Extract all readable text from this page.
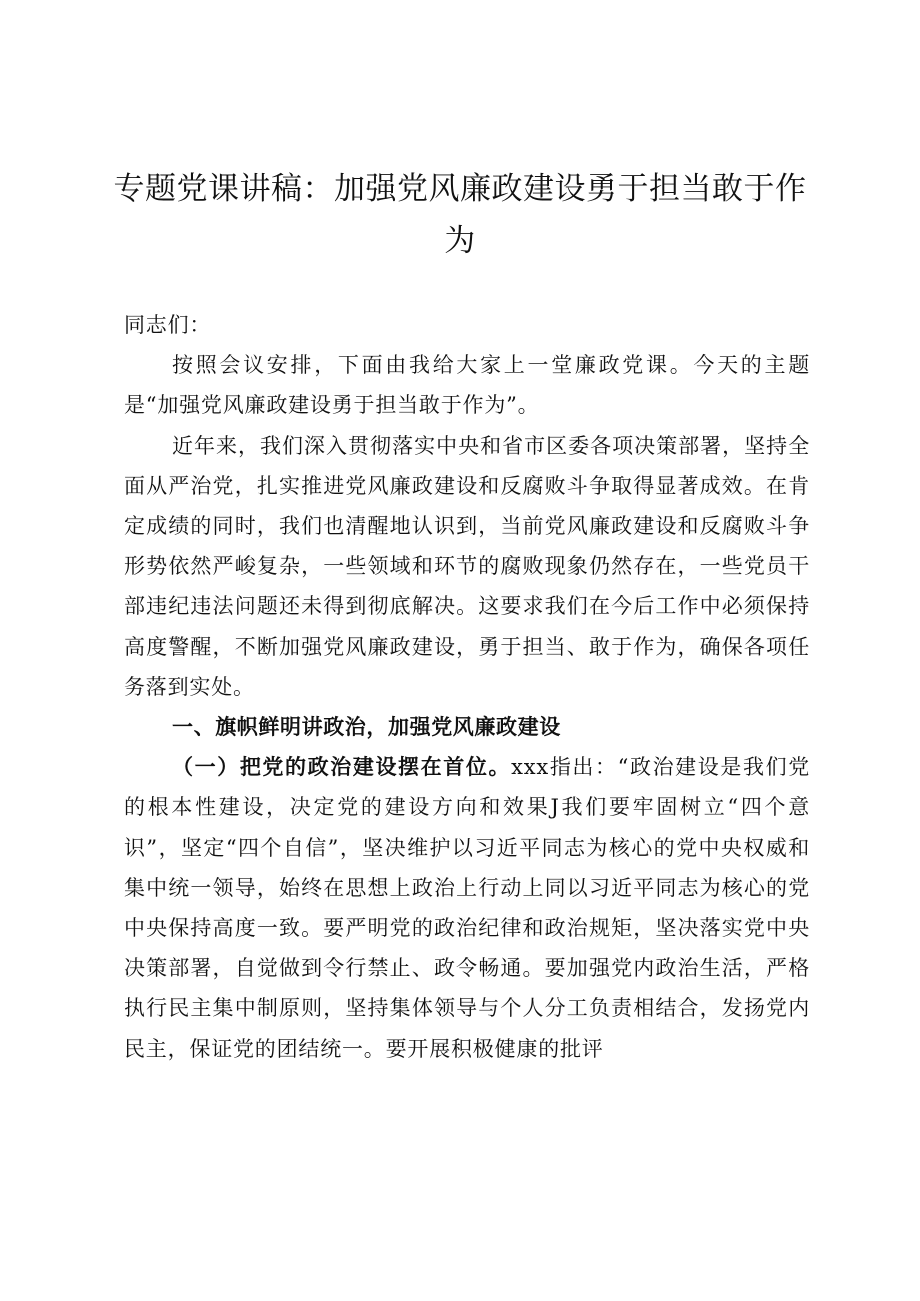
专题党课讲稿：加强党风廉政建设勇于担当敢于作为

同志们：

按照会议安排，下面由我给大家上一堂廉政党课。今天的主题是“加强党风廉政建设勇于担当敢于作为”。

近年来，我们深入贯彻落实中央和省市区委各项决策部署，坚持全面从严治党，扎实推进党风廉政建设和反腐败斗争取得显著成效。在肯定成绩的同时，我们也清醒地认识到，当前党风廉政建设和反腐败斗争形势依然严峻复杂，一些领域和环节的腐败现象仍然存在，一些党员干部违纪违法问题还未得到彻底解决。这要求我们在今后工作中必须保持高度警醒，不断加强党风廉政建设，勇于担当、敢于作为，确保各项任务落到实处。

一、旗帜鲜明讲政治，加强党风廉政建设

（一）把党的政治建设摆在首位。xxx指出：“政治建设是我们党的根本性建设，决定党的建设方向和效果J我们要牢固树立“四个意识”，坚定“四个自信”，坚决维护以习近平同志为核心的党中央权威和集中统一领导，始终在思想上政治上行动上同以习近平同志为核心的党中央保持高度一致。要严明党的政治纪律和政治规矩，坚决落实党中央决策部署，自觉做到令行禁止、政令畅通。要加强党内政治生活，严格执行民主集中制原则，坚持集体领导与个人分工负责相结合，发扬党内民主，保证党的团结统一。要开展积极健康的批评
